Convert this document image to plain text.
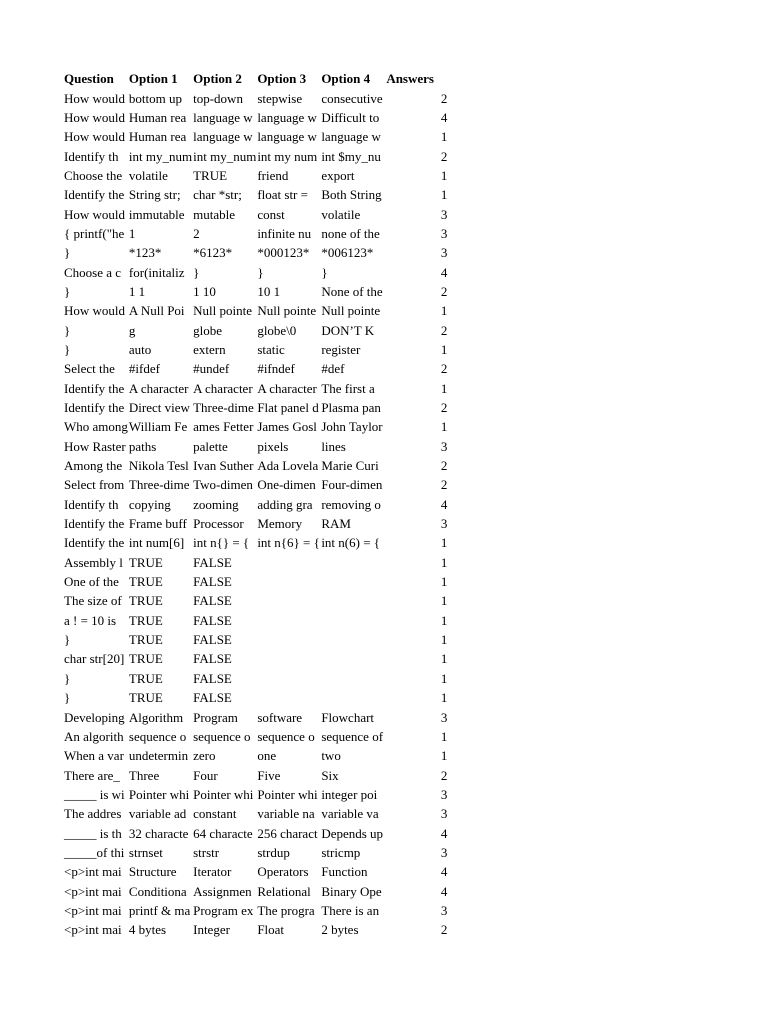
Question	Option 1	Option 2	Option 3	Option 4	Answers
How would	bottom up	top-down	stepwise	consecutive	2
How would	Human rea	language w	language w	Difficult to	4
How would	Human rea	language w	language w	language w	1
Identify th	int my_num	int my_num	int my num	int $my_nu	2
Choose the	volatile	TRUE	friend	export	1
Identify the	String str;	char *str;	float str =	Both String	1
How would	immutable	mutable	const	volatile	3
{ printf("he	1	2	infinite nu	none of the	3
}	*123*	*6123*	*000123*	*006123*	3
Choose a c	for(initaliz	}	}	}	4
}	1 1	1 10	10 1	None of the	2
How would	A Null Poi	Null pointe	Null pointe	Null pointe	1
}	g	globe	globe\0	DON’T K	2
}	auto	extern	static	register	1
Select the	#ifdef	#undef	#ifndef	#def	2
Identify the	A character	A character	A character	The first a	1
Identify the	Direct view	Three-dime	Flat panel d	Plasma pan	2
Who among	William Fe	ames Fetter	James Gosl	John Taylor	1
How Raster	paths	palette	pixels	lines	3
Among the	Nikola Tesl	Ivan Suther	Ada Lovela	Marie Curi	2
Select from	Three-dime	Two-dimen	One-dimen	Four-dimen	2
Identify th	copying	zooming	adding gra	removing o	4
Identify the	Frame buff	Processor	Memory	RAM	3
Identify the	int num[6]	int n{} = {	int n{6} = {	int n(6) = {	1
Assembly l	TRUE	FALSE			1
One of the	TRUE	FALSE			1
The size of	TRUE	FALSE			1
a ! = 10 is	TRUE	FALSE			1
}	TRUE	FALSE			1
char str[20]	TRUE	FALSE			1
}	TRUE	FALSE			1
}	TRUE	FALSE			1
Developing	Algorithm	Program	software	Flowchart	3
An algorith	sequence o	sequence o	sequence o	sequence of	1
When a var	undetermin	zero	one	two	1
There are_	Three	Four	Five	Six	2
_____ is wi	Pointer whi	Pointer whi	Pointer whi	integer poi	3
The addres	variable ad	constant	variable na	variable va	3
_____ is th	32 characte	64 characte	256 charact	Depends up	4
_____of thi	strnset	strstr	strdup	stricmp	3
<p>int mai	Structure	Iterator	Operators	Function	4
<p>int mai	Conditiona	Assignmen	Relational	Binary Ope	4
<p>int mai	printf & ma	Program ex	The progra	There is an	3
<p>int mai	4 bytes	Integer	Float	2 bytes	2
